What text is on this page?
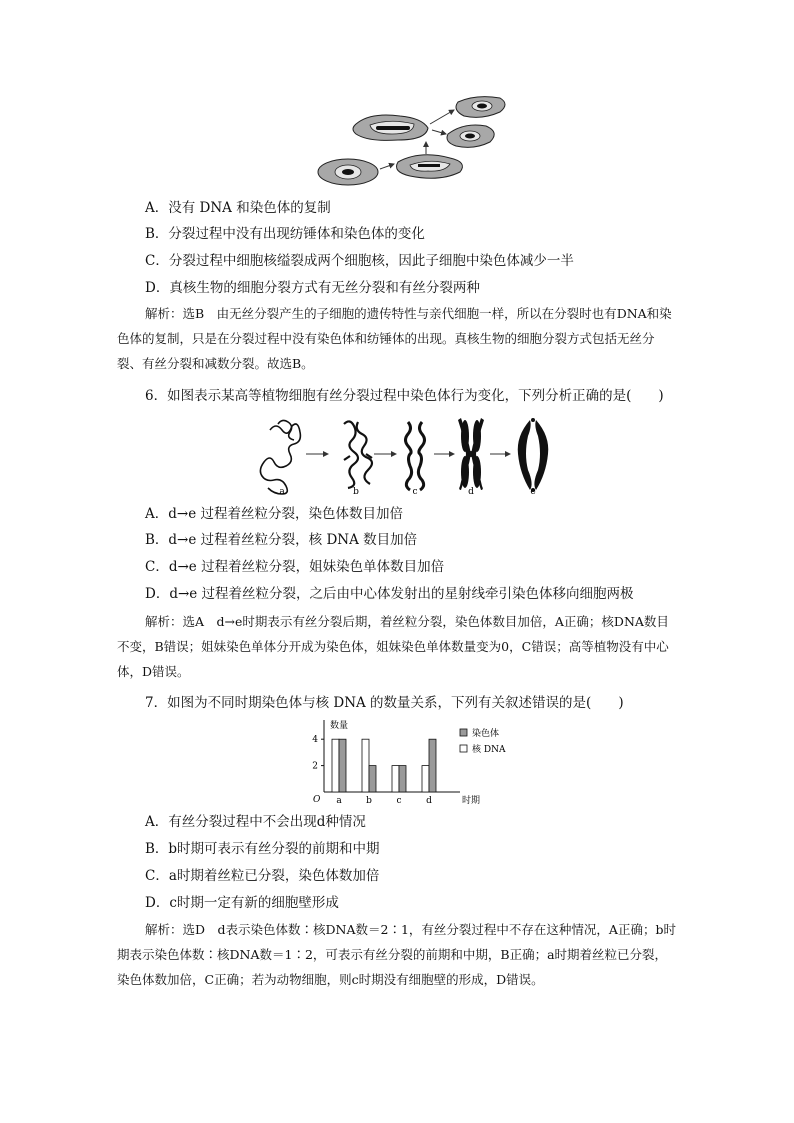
A．没有 DNA 和染色体的复制
B．分裂过程中没有出现纺锤体和染色体的变化
C．分裂过程中细胞核缢裂成两个细胞核，因此子细胞中染色体减少一半
D．真核生物的细胞分裂方式有无丝分裂和有丝分裂两种
解析：选B　由无丝分裂产生的子细胞的遗传特性与亲代细胞一样，所以在分裂时也有DNA和染色体的复制，只是在分裂过程中没有染色体和纺锤体的出现。真核生物的细胞分裂方式包括无丝分裂、有丝分裂和减数分裂。故选B。
6．如图表示某高等植物细胞有丝分裂过程中染色体行为变化，下列分析正确的是(　　)
a	b	c	d	e
A．d→e 过程着丝粒分裂，染色体数目加倍
B．d→e 过程着丝粒分裂，核 DNA 数目加倍
C．d→e 过程着丝粒分裂，姐妹染色单体数目加倍
D．d→e 过程着丝粒分裂，之后由中心体发射出的星射线牵引染色体移向细胞两极
解析：选A　d→e时期表示有丝分裂后期，着丝粒分裂，染色体数目加倍，A正确；核DNA数目不变，B错误；姐妹染色单体分开成为染色体，姐妹染色单体数量变为0，C错误；高等植物没有中心体，D错误。
7．如图为不同时期染色体与核 DNA 的数量关系，下列有关叙述错误的是(　　)
数量
时期
O
2
4
a	b	c	d
染色体
核 DNA
A．有丝分裂过程中不会出现d种情况
B．b时期可表示有丝分裂的前期和中期
C．a时期着丝粒已分裂，染色体数加倍
D．c时期一定有新的细胞壁形成
解析：选D　d表示染色体数∶核DNA数＝2∶1，有丝分裂过程中不存在这种情况，A正确；b时期表示染色体数∶核DNA数＝1∶2，可表示有丝分裂的前期和中期，B正确；a时期着丝粒已分裂，染色体数加倍，C正确；若为动物细胞，则c时期没有细胞壁的形成，D错误。
